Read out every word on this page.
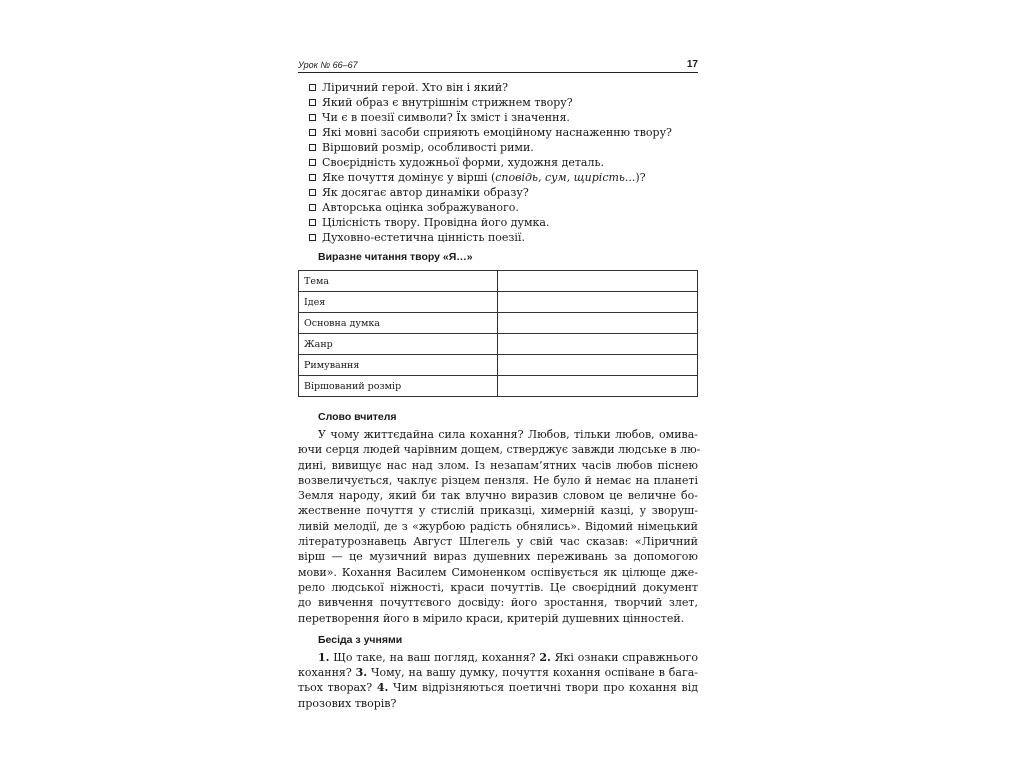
Урок № 66–67	17
Ліричний герой. Хто він і який?
Який образ є внутрішнім стрижнем твору?
Чи є в поезії символи? Їх зміст і значення.
Які мовні засоби сприяють емоційному наснаженню твору?
Віршовий розмір, особливості рими.
Своєрідність художньої форми, художня деталь.
Яке почуття домінує у вірші (сповідь, сум, щирість...)?
Як досягає автор динаміки образу?
Авторська оцінка зображуваного.
Цілісність твору. Провідна його думка.
Духовно-естетична цінність поезії.
Виразне читання твору «Я…»
Тема	
Ідея	
Основна думка	
Жанр	
Римування	
Віршований розмір	
Слово вчителя
У чому життєдайна сила кохання? Любов, тільки любов, омива-
ючи серця людей чарівним дощем, стверджує завжди людське в лю-
дині, вивищує нас над злом. Із незапам’ятних часів любов піснею
возвеличується, чаклує різцем пензля. Не було й немає на планеті
Земля народу, який би так влучно виразив словом це величне бо-
жественне почуття у стислій приказці, химерній казці, у зворуш-
ливій мелодії, де з «журбою радість обнялись». Відомий німецький
літературознавець Август Шлегель у свій час сказав: «Ліричний
вірш — це музичний вираз душевних переживань за допомогою
мови». Кохання Василем Симоненком оспівується як цілюще дже-
рело людської ніжності, краси почуттів. Це своєрідний документ
до вивчення почуттєвого досвіду: його зростання, творчий злет,
перетворення його в мірило краси, критерій душевних цінностей.
Бесіда з учнями
1. Що таке, на ваш погляд, кохання? 2. Які ознаки справжнього
кохання? 3. Чому, на вашу думку, почуття кохання оспіване в бага-
тьох творах? 4. Чим відрізняються поетичні твори про кохання від
прозових творів?
